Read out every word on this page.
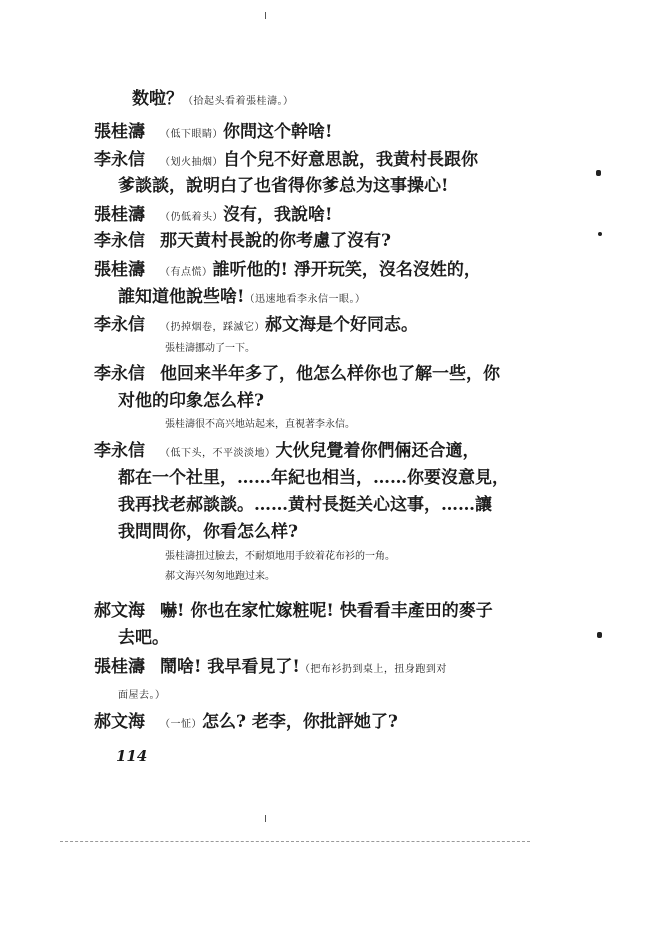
数啦？（拾起头看着張桂濤。）
張桂濤 （低下眼睛）你問这个幹啥!
李永信 （划火抽烟）自个兒不好意思說，我黄村長跟你
爹談談，說明白了也省得你爹总为这事操心!
張桂濤 （仍低着头）沒有，我說啥!
李永信 那天黄村長說的你考慮了沒有?
張桂濤 （有点慌）誰听他的! 淨开玩笑，沒名沒姓的，
誰知道他說些啥!（迅速地看李永信一眼。）
李永信 （扔掉烟卷，踩滅它）郝文海是个好同志。
張桂濤挪动了一下。
李永信 他回来半年多了，他怎么样你也了解一些，你
对他的印象怎么样?
張桂濤很不高兴地站起来，直視著李永信。
李永信 （低下头，不平淡淡地）大伙兒覺着你們倆还合適，
都在一个社里，……年紀也相当，……你要沒意見，
我再找老郝談談。……黄村長挺关心这事，……讓
我問問你，你看怎么样?
張桂濤扭过臉去，不耐煩地用手絞着花布衫的一角。
郝文海兴匆匆地跑过来。
郝文海 嚇! 你也在家忙嫁粧呢! 快看看丰產田的麥子
去吧。
張桂濤 鬧啥! 我早看見了!（把布衫扔到桌上，扭身跑到对
面屋去。）
郝文海 （一怔）怎么? 老李，你批評她了?
114
